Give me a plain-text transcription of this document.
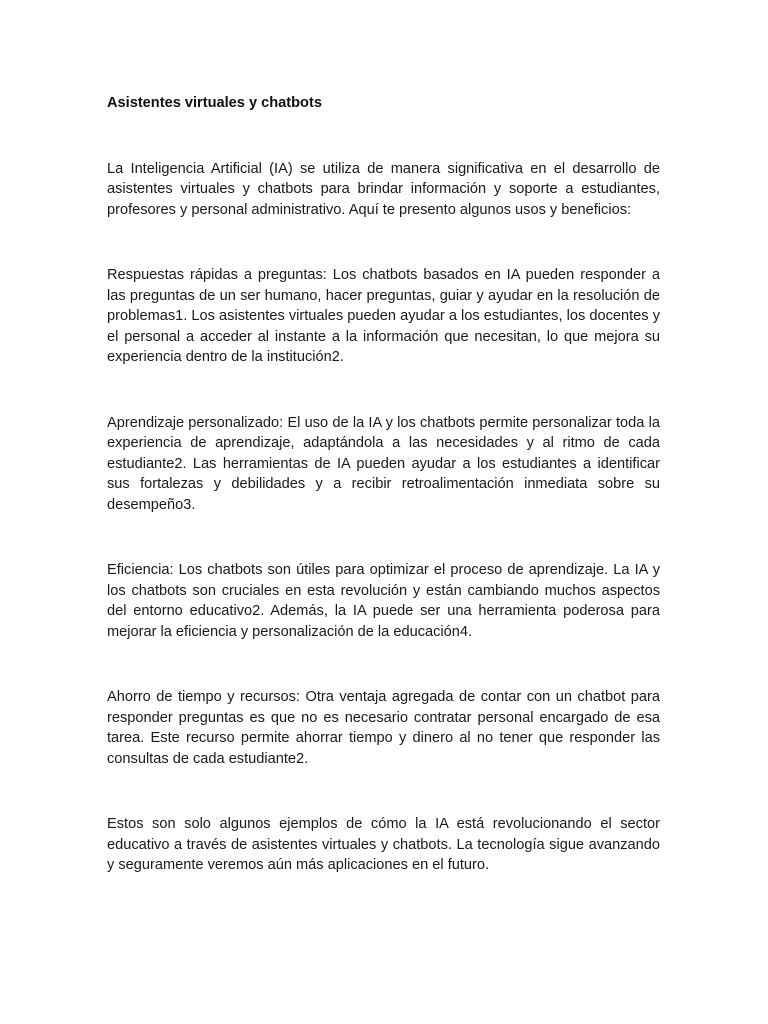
Asistentes virtuales y chatbots

La Inteligencia Artificial (IA) se utiliza de manera significativa en el desarrollo de asistentes virtuales y chatbots para brindar información y soporte a estudiantes, profesores y personal administrativo. Aquí te presento algunos usos y beneficios:

Respuestas rápidas a preguntas: Los chatbots basados en IA pueden responder a las preguntas de un ser humano, hacer preguntas, guiar y ayudar en la resolución de problemas1. Los asistentes virtuales pueden ayudar a los estudiantes, los docentes y el personal a acceder al instante a la información que necesitan, lo que mejora su experiencia dentro de la institución2.

Aprendizaje personalizado: El uso de la IA y los chatbots permite personalizar toda la experiencia de aprendizaje, adaptándola a las necesidades y al ritmo de cada estudiante2. Las herramientas de IA pueden ayudar a los estudiantes a identificar sus fortalezas y debilidades y a recibir retroalimentación inmediata sobre su desempeño3.

Eficiencia: Los chatbots son útiles para optimizar el proceso de aprendizaje. La IA y los chatbots son cruciales en esta revolución y están cambiando muchos aspectos del entorno educativo2. Además, la IA puede ser una herramienta poderosa para mejorar la eficiencia y personalización de la educación4.

Ahorro de tiempo y recursos: Otra ventaja agregada de contar con un chatbot para responder preguntas es que no es necesario contratar personal encargado de esa tarea. Este recurso permite ahorrar tiempo y dinero al no tener que responder las consultas de cada estudiante2.

Estos son solo algunos ejemplos de cómo la IA está revolucionando el sector educativo a través de asistentes virtuales y chatbots. La tecnología sigue avanzando y seguramente veremos aún más aplicaciones en el futuro.
